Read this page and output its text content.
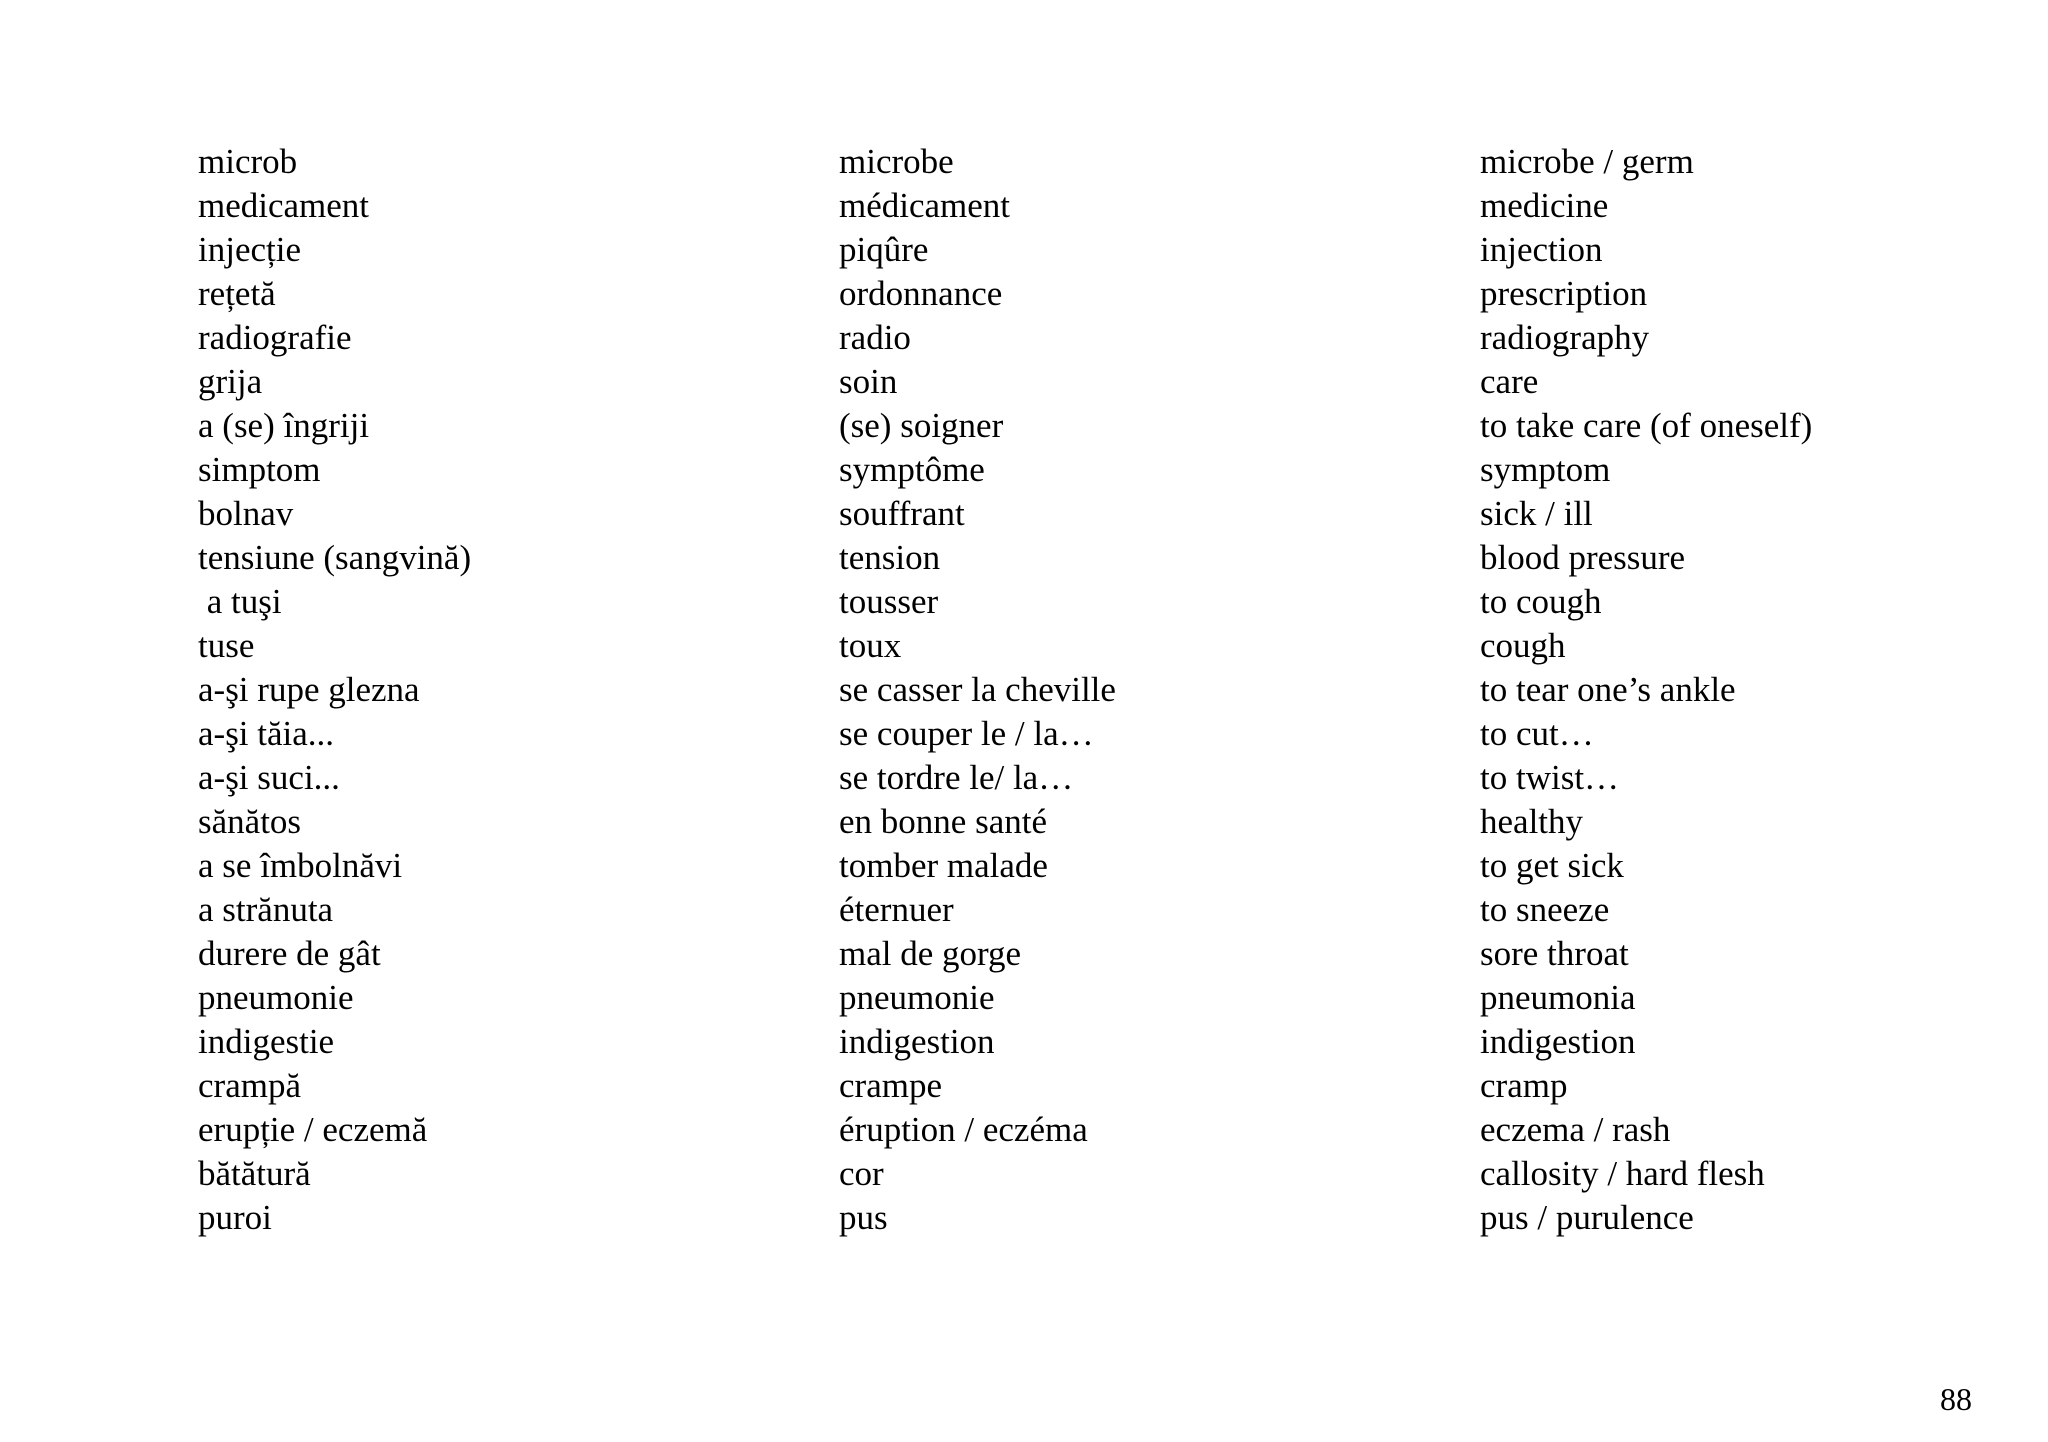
microb
medicament
injecție
rețetă
radiografie
grija
a (se) îngriji
simptom
bolnav
tensiune (sangvină)
a tuşi
tuse
a-şi rupe glezna
a-şi tăia...
a-şi suci...
sănătos
a se îmbolnăvi
a strănuta
durere de gât
pneumonie
indigestie
crampă
erupție / eczemă
bătătură
puroi
microbe
médicament
piqûre
ordonnance
radio
soin
(se) soigner
symptôme
souffrant
tension
tousser
toux
se casser la cheville
se couper le / la…
se tordre le/ la…
en bonne santé
tomber malade
éternuer
mal de gorge
pneumonie
indigestion
crampe
éruption / eczéma
cor
pus
microbe / germ
medicine
injection
prescription
radiography
care
to take care (of oneself)
symptom
sick / ill
blood pressure
to cough
cough
to tear one’s ankle
to cut…
to twist…
healthy
to get sick
to sneeze
sore throat
pneumonia
indigestion
cramp
eczema / rash
callosity / hard flesh
pus / purulence
88
